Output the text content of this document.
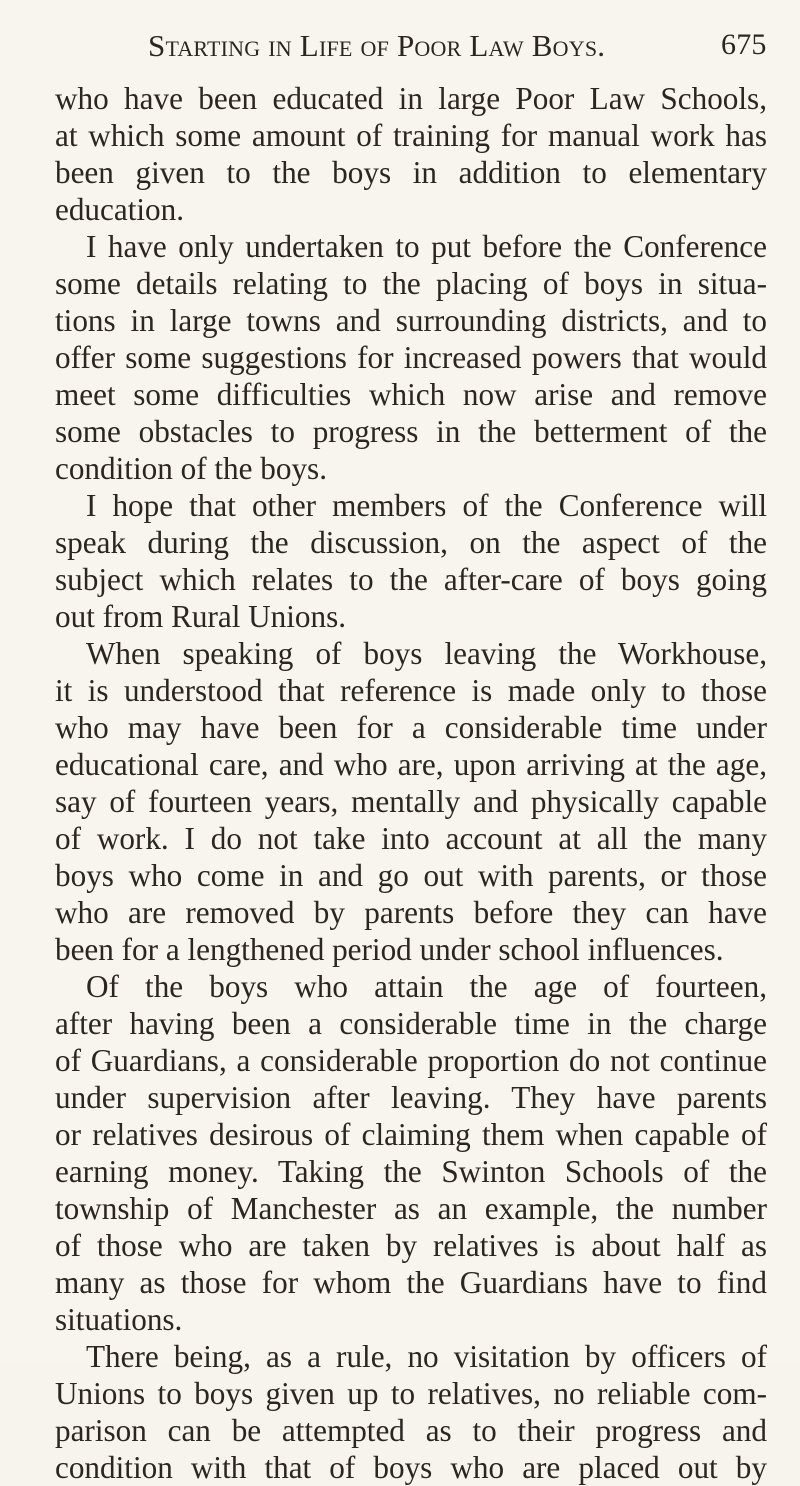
Starting in Life of Poor Law Boys.	675
who have been educated in large Poor Law Schools,
at which some amount of training for manual work has
been given to the boys in addition to elementary
education.
I have only undertaken to put before the Conference
some details relating to the placing of boys in situa-
tions in large towns and surrounding districts, and to
offer some suggestions for increased powers that would
meet some difficulties which now arise and remove
some obstacles to progress in the betterment of the
condition of the boys.
I hope that other members of the Conference will
speak during the discussion, on the aspect of the
subject which relates to the after-care of boys going
out from Rural Unions.
When speaking of boys leaving the Workhouse,
it is understood that reference is made only to those
who may have been for a considerable time under
educational care, and who are, upon arriving at the age,
say of fourteen years, mentally and physically capable
of work. I do not take into account at all the many
boys who come in and go out with parents, or those
who are removed by parents before they can have
been for a lengthened period under school influences.
Of the boys who attain the age of fourteen,
after having been a considerable time in the charge
of Guardians, a considerable proportion do not continue
under supervision after leaving. They have parents
or relatives desirous of claiming them when capable of
earning money. Taking the Swinton Schools of the
township of Manchester as an example, the number
of those who are taken by relatives is about half as
many as those for whom the Guardians have to find
situations.
There being, as a rule, no visitation by officers of
Unions to boys given up to relatives, no reliable com-
parison can be attempted as to their progress and
condition with that of boys who are placed out by
